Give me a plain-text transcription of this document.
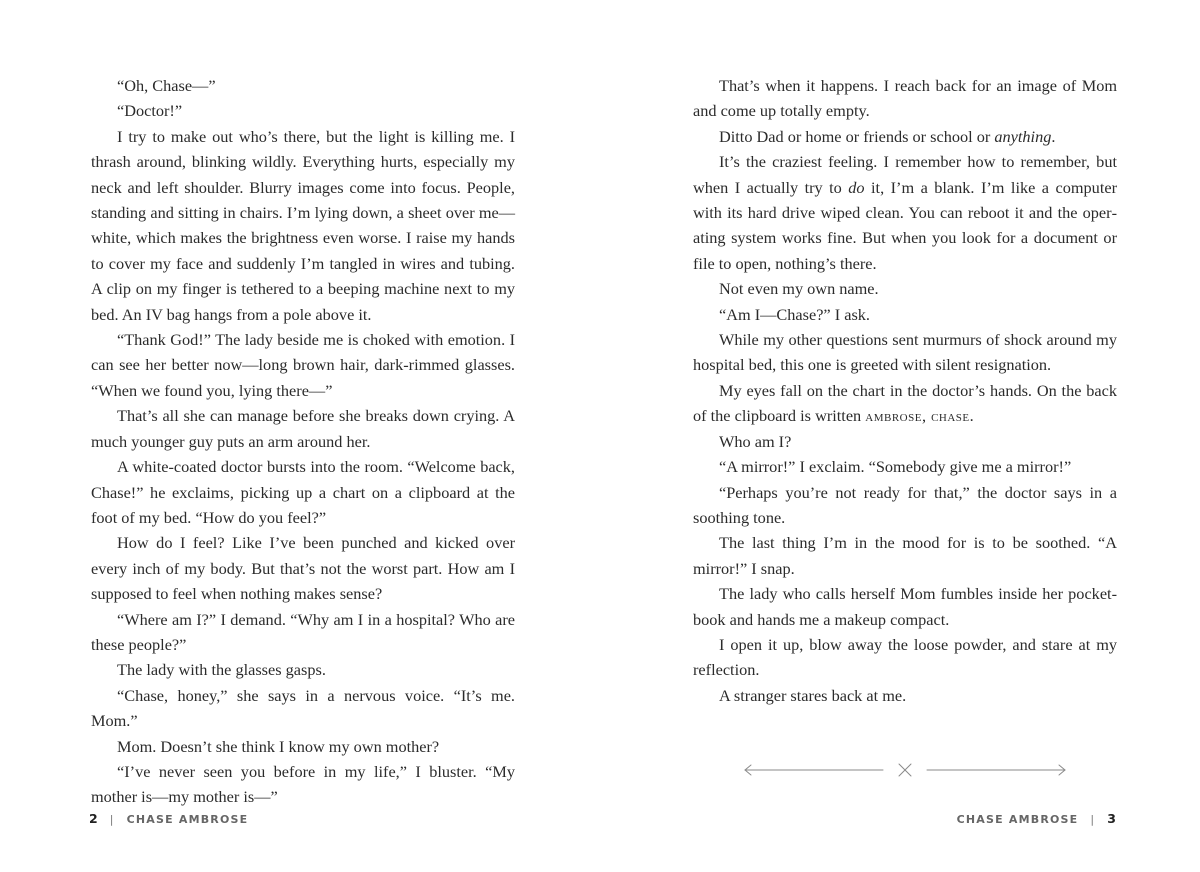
“Oh, Chase—”

“Doctor!”

I try to make out who’s there, but the light is killing me. I thrash around, blinking wildly. Everything hurts, especially my neck and left shoulder. Blurry images come into focus. People, standing and sitting in chairs. I’m lying down, a sheet over me—white, which makes the brightness even worse. I raise my hands to cover my face and suddenly I’m tangled in wires and tubing. A clip on my finger is tethered to a beeping machine next to my bed. An IV bag hangs from a pole above it.

“Thank God!” The lady beside me is choked with emotion. I can see her better now—long brown hair, dark-rimmed glasses. “When we found you, lying there—”

That’s all she can manage before she breaks down crying. A much younger guy puts an arm around her.

A white-coated doctor bursts into the room. “Welcome back, Chase!” he exclaims, picking up a chart on a clipboard at the foot of my bed. “How do you feel?”

How do I feel? Like I’ve been punched and kicked over every inch of my body. But that’s not the worst part. How am I supposed to feel when nothing makes sense?

“Where am I?” I demand. “Why am I in a hospital? Who are these people?”

The lady with the glasses gasps.

“Chase, honey,” she says in a nervous voice. “It’s me. Mom.”

Mom. Doesn’t she think I know my own mother?

“I’ve never seen you before in my life,” I bluster. “My mother is—my mother is—”

2 | CHASE AMBROSE

That’s when it happens. I reach back for an image of Mom and come up totally empty.

Ditto Dad or home or friends or school or anything.

It’s the craziest feeling. I remember how to remember, but when I actually try to do it, I’m a blank. I’m like a computer with its hard drive wiped clean. You can reboot it and the operating system works fine. But when you look for a document or file to open, nothing’s there.

Not even my own name.

“Am I—Chase?” I ask.

While my other questions sent murmurs of shock around my hospital bed, this one is greeted with silent resignation.

My eyes fall on the chart in the doctor’s hands. On the back of the clipboard is written ambrose, chase.

Who am I?

“A mirror!” I exclaim. “Somebody give me a mirror!”

“Perhaps you’re not ready for that,” the doctor says in a soothing tone.

The last thing I’m in the mood for is to be soothed. “A mirror!” I snap.

The lady who calls herself Mom fumbles inside her pocketbook and hands me a makeup compact.

I open it up, blow away the loose powder, and stare at my reflection.

A stranger stares back at me.

CHASE AMBROSE | 3
